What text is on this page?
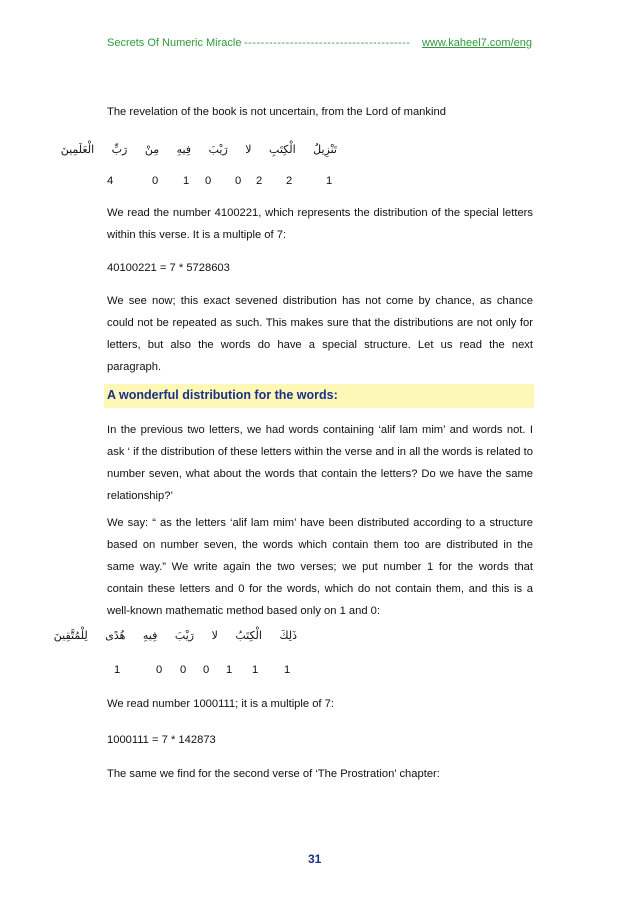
Secrets Of Numeric Miracle ---------------------------------------- www.kaheel7.com/eng
The revelation of the book is not uncertain, from the Lord of mankind
تَنْزِيلُ الْكِتَبِ لا رَيْبَ فِيهِ مِنْ رَبِّ الْعَلَمِينَ
4	0 1 0 0 2 2	1
We read the number 4100221, which represents the distribution of the special letters within this verse. It is a multiple of 7:
40100221 = 7 * 5728603
We see now; this exact sevened distribution has not come by chance, as chance could not be repeated as such. This makes sure that the distributions are not only for letters, but also the words do have a special structure. Let us read the next paragraph.
A wonderful distribution for the words:
In the previous two letters, we had words containing ‘alif lam mim’ and words not. I ask ‘ if the distribution of these letters within the verse and in all the words is related to number seven, what about the words that contain the letters? Do we have the same relationship?’
We say: “ as the letters ‘alif lam mim’ have been distributed according to a structure based on number seven, the words which contain them too are distributed in the same way.” We write again the two verses; we put number 1 for the words that contain these letters and 0 for the words, which do not contain them, and this is a well-known mathematic method based only on 1 and 0:
ذَلِكَ الْكِتَبُ لا رَيْبَ فِيهِ هُدًى لِلْمُتَّقِينَ
1	0 0 0 1 1 1
We read number 1000111; it is a multiple of 7:
1000111 = 7 * 142873
The same we find for the second verse of ‘The Prostration’ chapter:
31
